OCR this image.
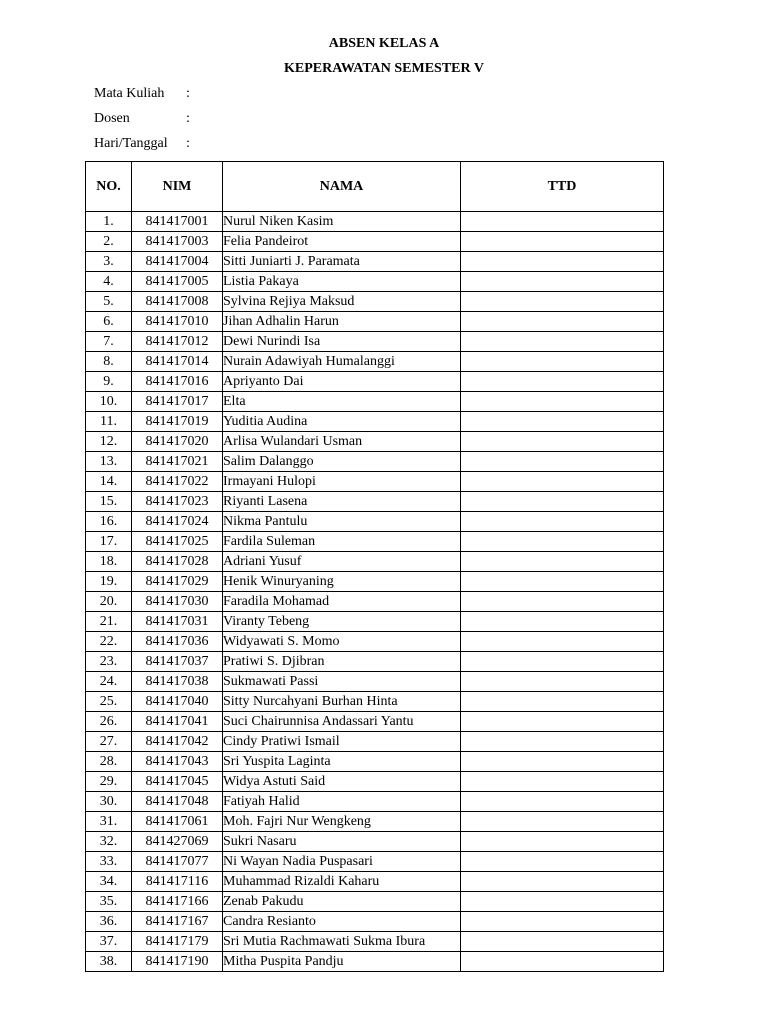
ABSEN KELAS A
KEPERAWATAN SEMESTER V
Mata Kuliah :
Dosen	:
Hari/Tanggal :
NO.	NIM	NAMA	TTD
1.	841417001	Nurul Niken Kasim	
2.	841417003	Felia Pandeirot	
3.	841417004	Sitti Juniarti J. Paramata	
4.	841417005	Listia Pakaya	
5.	841417008	Sylvina Rejiya Maksud	
6.	841417010	Jihan Adhalin Harun	
7.	841417012	Dewi Nurindi Isa	
8.	841417014	Nurain Adawiyah Humalanggi	
9.	841417016	Apriyanto Dai	
10.	841417017	Elta	
11.	841417019	Yuditia Audina	
12.	841417020	Arlisa Wulandari Usman	
13.	841417021	Salim Dalanggo	
14.	841417022	Irmayani Hulopi	
15.	841417023	Riyanti Lasena	
16.	841417024	Nikma Pantulu	
17.	841417025	Fardila Suleman	
18.	841417028	Adriani Yusuf	
19.	841417029	Henik Winuryaning	
20.	841417030	Faradila Mohamad	
21.	841417031	Viranty Tebeng	
22.	841417036	Widyawati S. Momo	
23.	841417037	Pratiwi S. Djibran	
24.	841417038	Sukmawati Passi	
25.	841417040	Sitty Nurcahyani Burhan Hinta	
26.	841417041	Suci Chairunnisa Andassari Yantu	
27.	841417042	Cindy Pratiwi Ismail	
28.	841417043	Sri Yuspita Laginta	
29.	841417045	Widya Astuti Said	
30.	841417048	Fatiyah Halid	
31.	841417061	Moh. Fajri Nur Wengkeng	
32.	841427069	Sukri Nasaru	
33.	841417077	Ni Wayan Nadia Puspasari	
34.	841417116	Muhammad Rizaldi Kaharu	
35.	841417166	Zenab Pakudu	
36.	841417167	Candra Resianto	
37.	841417179	Sri Mutia Rachmawati Sukma Ibura	
38.	841417190	Mitha Puspita Pandju	
